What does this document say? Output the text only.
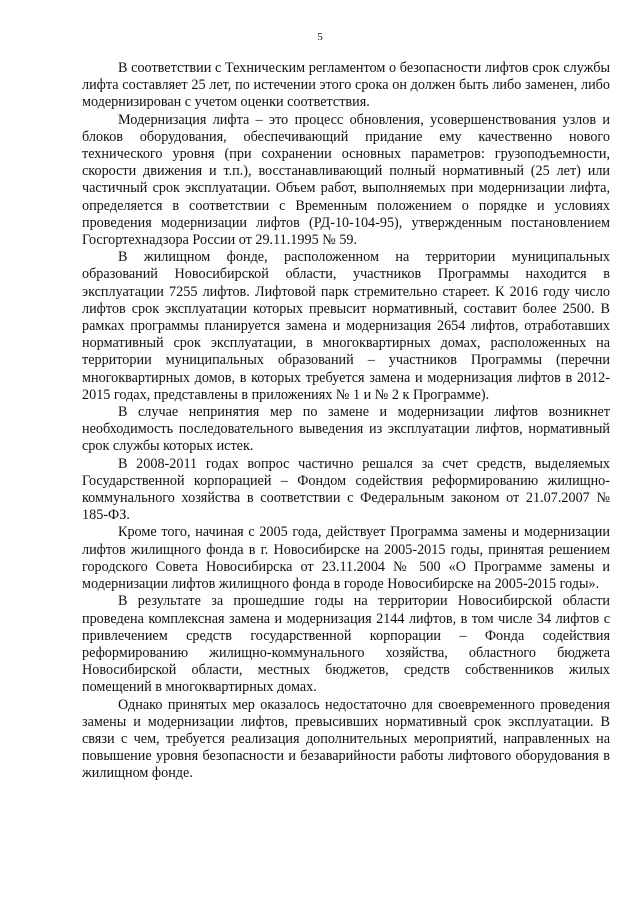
5

В соответствии с Техническим регламентом о безопасности лифтов срок службы лифта составляет 25 лет, по истечении этого срока он должен быть либо заменен, либо модернизирован с учетом оценки соответствия.

Модернизация лифта – это процесс обновления, усовершенствования узлов и блоков оборудования, обеспечивающий придание ему качественно нового технического уровня (при сохранении основных параметров: грузоподъемности, скорости движения и т.п.), восстанавливающий полный нормативный (25 лет) или частичный срок эксплуатации. Объем работ, выполняемых при модернизации лифта, определяется в соответствии с Временным положением о порядке и условиях проведения модернизации лифтов (РД-10-104-95), утвержденным постановлением Госгортехнадзора России от 29.11.1995 № 59.

В жилищном фонде, расположенном на территории муниципальных образований Новосибирской области, участников Программы находится в эксплуатации 7255 лифтов. Лифтовой парк стремительно стареет. К 2016 году число лифтов срок эксплуатации которых превысит нормативный, составит более 2500. В рамках программы планируется замена и модернизация 2654 лифтов, отработавших нормативный срок эксплуатации, в многоквартирных домах, расположенных на территории муниципальных образований – участников Программы (перечни многоквартирных домов, в которых требуется замена и модернизация лифтов в 2012-2015 годах, представлены в приложениях № 1 и № 2 к Программе).

В случае непринятия мер по замене и модернизации лифтов возникнет необходимость последовательного выведения из эксплуатации лифтов, нормативный срок службы которых истек.

В 2008-2011 годах вопрос частично решался за счет средств, выделяемых Государственной корпорацией – Фондом содействия реформированию жилищно-коммунального хозяйства в соответствии с Федеральным законом от 21.07.2007 № 185-ФЗ.

Кроме того, начиная с 2005 года, действует Программа замены и модернизации лифтов жилищного фонда в г. Новосибирске на 2005-2015 годы, принятая решением городского Совета Новосибирска от 23.11.2004 № 500 «О Программе замены и модернизации лифтов жилищного фонда в городе Новосибирске на 2005-2015 годы».

В результате за прошедшие годы на территории Новосибирской области проведена комплексная замена и модернизация 2144 лифтов, в том числе 34 лифтов с привлечением средств государственной корпорации – Фонда содействия реформированию жилищно-коммунального хозяйства, областного бюджета Новосибирской области, местных бюджетов, средств собственников жилых помещений в многоквартирных домах.

Однако принятых мер оказалось недостаточно для своевременного проведения замены и модернизации лифтов, превысивших нормативный срок эксплуатации. В связи с чем, требуется реализация дополнительных мероприятий, направленных на повышение уровня безопасности и безаварийности работы лифтового оборудования в жилищном фонде.
